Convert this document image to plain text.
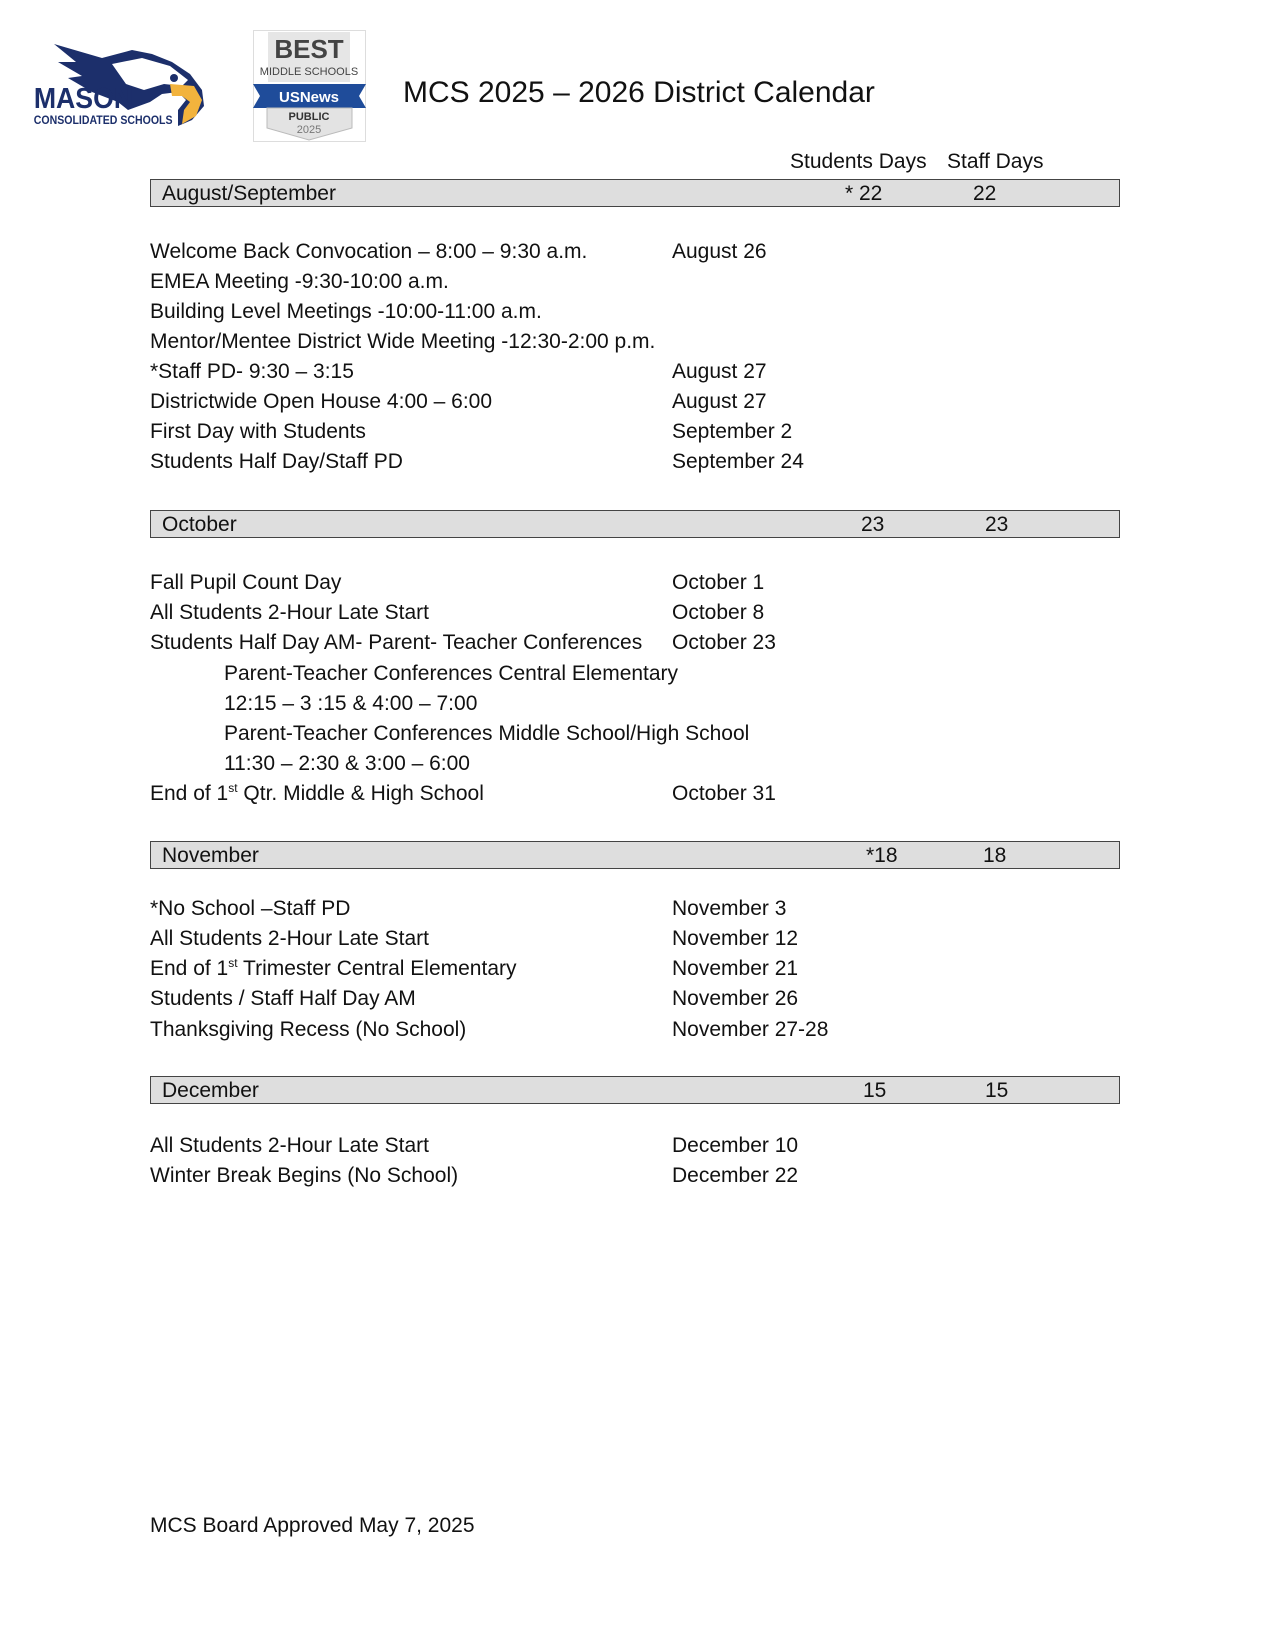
MASON
CONSOLIDATED SCHOOLS
BEST
MIDDLE SCHOOLS
USNews
PUBLIC
2025
MCS 2025 – 2026 District Calendar
Students Days Staff Days
August/September	* 22	22
Welcome Back Convocation – 8:00 – 9:30 a.m.	August 26
EMEA Meeting -9:30-10:00 a.m.
Building Level Meetings -10:00-11:00 a.m.
Mentor/Mentee District Wide Meeting -12:30-2:00 p.m.
*Staff PD- 9:30 – 3:15	August 27
Districtwide Open House 4:00 – 6:00	August 27
First Day with Students	September 2
Students Half Day/Staff PD	September 24
October	23	23
Fall Pupil Count Day	October 1
All Students 2-Hour Late Start	October 8
Students Half Day AM- Parent- Teacher Conferences October 23
Parent-Teacher Conferences Central Elementary
12:15 – 3 :15 & 4:00 – 7:00
Parent-Teacher Conferences Middle School/High School
11:30 – 2:30 & 3:00 – 6:00
End of 1st Qtr. Middle & High School	October 31
November	*18	18
*No School –Staff PD	November 3
All Students 2-Hour Late Start	November 12
End of 1st Trimester Central Elementary	November 21
Students / Staff Half Day AM	November 26
Thanksgiving Recess (No School)	November 27-28
December	15	15
All Students 2-Hour Late Start	December 10
Winter Break Begins (No School)	December 22
MCS Board Approved May 7, 2025
